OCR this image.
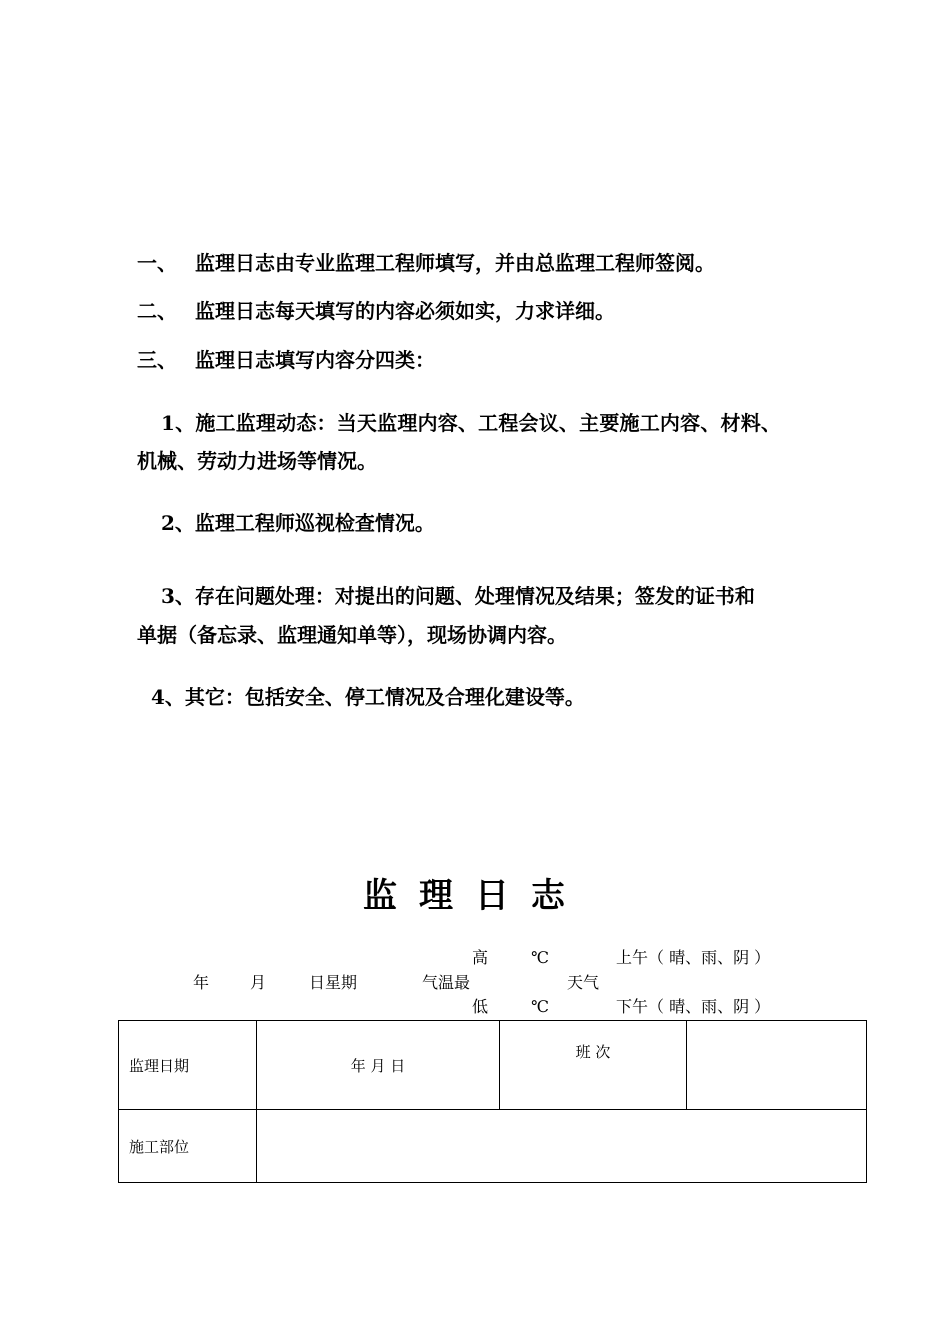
一、 监理日志由专业监理工程师填写，并由总监理工程师签阅。
二、 监理日志每天填写的内容必须如实，力求详细。
三、 监理日志填写内容分四类：
1、施工监理动态：当天监理内容、工程会议、主要施工内容、材料、
机械、劳动力进场等情况。
2、监理工程师巡视检查情况。
3、存在问题处理：对提出的问题、处理情况及结果；签发的证书和
单据（备忘录、监理通知单等），现场协调内容。
4、其它：包括安全、停工情况及合理化建设等。
监理日志
高	℃	上午（ 晴、雨、阴 ）
年	月	日星期	气温最	天气
低	℃	下午（ 晴、雨、阴 ）
监理日期	年 月 日	班 次	
施工部位			
